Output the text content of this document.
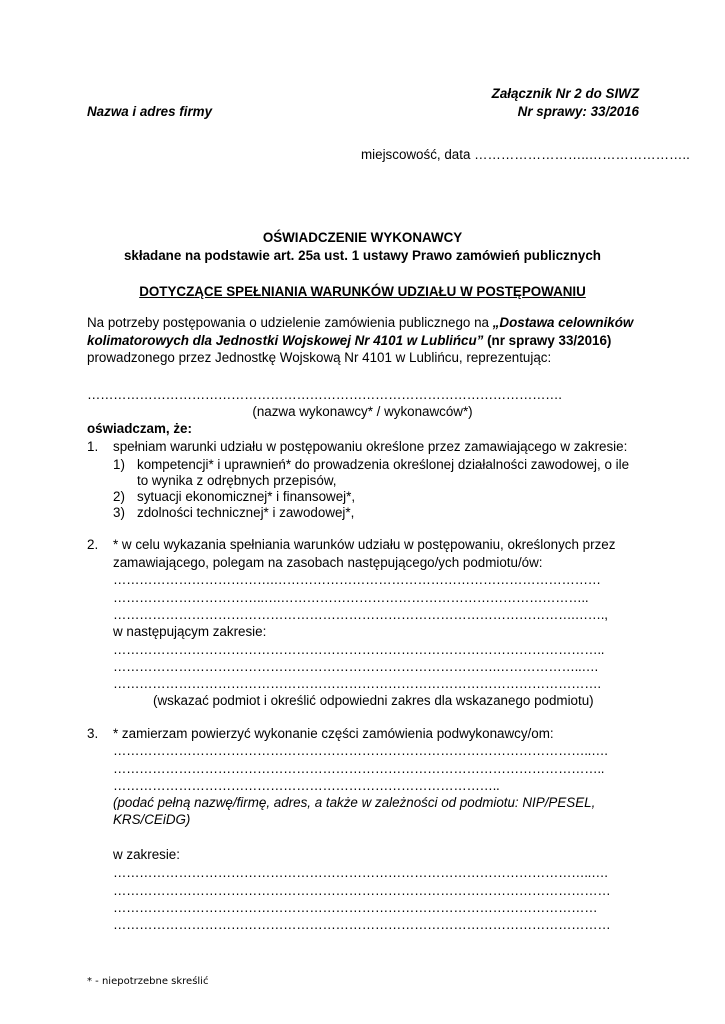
Załącznik Nr 2 do SIWZ
Nazwa i adres firmy	Nr sprawy: 33/2016
miejscowość, data ……………………..…………………..
OŚWIADCZENIE WYKONAWCY
składane na podstawie art. 25a ust. 1 ustawy Prawo zamówień publicznych
DOTYCZĄCE SPEŁNIANIA WARUNKÓW UDZIAŁU W POSTĘPOWANIU
Na potrzeby postępowania o udzielenie zamówienia publicznego na „Dostawa celowników
kolimatorowych dla Jednostki Wojskowej Nr 4101 w Lublińcu” (nr sprawy 33/2016)
prowadzonego przez Jednostkę Wojskową Nr 4101 w Lublińcu, reprezentując:
……………………………………………………………………………………………….
(nazwa wykonawcy* / wykonawców*)
oświadczam, że:
1. spełniam warunki udziału w postępowaniu określone przez zamawiającego w zakresie:
1) kompetencji* i uprawnień* do prowadzenia określonej działalności zawodowej, o ile
to wynika z odrębnych przepisów,
2) sytuacji ekonomicznej* i finansowej*,
3) zdolności technicznej* i zawodowej*,
2. * w celu wykazania spełniania warunków udziału w postępowaniu, określonych przez
zamawiającego, polegam na zasobach następującego/ych podmiotu/ów:
……………………………….…………………………………………………………………
……………………………..….……………………………………………………………..
…………………………………………………………………………………………….…….,
w następującym zakresie:
…………………………………………………………………………………………………..
…………………………………………………………………………….………………..….
………………………………………………………………………………………………….
(wskazać podmiot i określić odpowiedni zakres dla wskazanego podmiotu)
3. * zamierzam powierzyć wykonanie części zamówienia podwykonawcy/om:
………………………………………………………………………………………………..….
…………………………………………………………………………………………………..
……………………………………………………………………………..
(podać pełną nazwę/firmę, adres, a także w zależności od podmiotu: NIP/PESEL,
KRS/CEiDG)
w zakresie:
………………………………………………………………………………………………..….
……………………………………………………………………………………………………
…………………………………………………………………………………………………
……………………………………………………………………………………………………
* - niepotrzebne skreślić
